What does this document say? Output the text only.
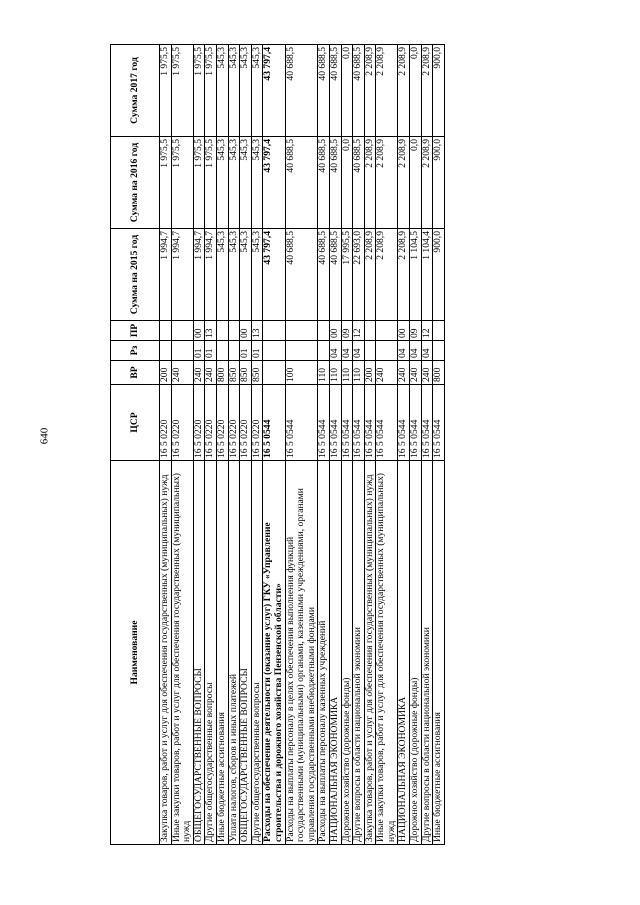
640
Наименование	ЦСР	ВР	Рз	ПР	Сумма на 2015 год	Сумма на 2016 год	Сумма 2017 год
Закупка товаров, работ и услуг для обеспечения государственных (муниципальных) нужд	16 5 0220	200			1 994,7	1 975,5	1 975,5
Иные закупки товаров, работ и услуг для обеспечения государственных (муниципальных) нужд	16 5 0220	240			1 994,7	1 975,5	1 975,5
ОБЩЕГОСУДАРСТВЕННЫЕ ВОПРОСЫ	16 5 0220	240	01	00	1 994,7	1 975,5	1 975,5
Другие общегосударственные вопросы	16 5 0220	240	01	13	1 994,7	1 975,5	1 975,5
Иные бюджетные ассигнования	16 5 0220	800			545,3	545,3	545,3
Уплата налогов, сборов и иных платежей	16 5 0220	850			545,3	545,3	545,3
ОБЩЕГОСУДАРСТВЕННЫЕ ВОПРОСЫ	16 5 0220	850	01	00	545,3	545,3	545,3
Другие общегосударственные вопросы	16 5 0220	850	01	13	545,3	545,3	545,3
Расходы на обеспечение деятельности (оказание услуг) ГКУ «Управление строительства и дорожного хозяйства Пензенской области»	16 5 0544				43 797,4	43 797,4	43 797,4
Расходы на выплаты персоналу в целях обеспечения выполнения функций государственными (муниципальными) органами, казенными учреждениями, органами управления государственными внебюджетными фондами	16 5 0544	100			40 688,5	40 688,5	40 688,5
Расходы на выплаты персоналу казенных учреждений	16 5 0544	110			40 688,5	40 688,5	40 688,5
НАЦИОНАЛЬНАЯ ЭКОНОМИКА	16 5 0544	110	04	00	40 688,5	40 688,5	40 688,5
Дорожное хозяйство (дорожные фонды)	16 5 0544	110	04	09	17 995,5	0,0	0,0
Другие вопросы в области национальной экономики	16 5 0544	110	04	12	22 693,0	40 688,5	40 688,5
Закупка товаров, работ и услуг для обеспечения государственных (муниципальных) нужд	16 5 0544	200			2 208,9	2 208,9	2 208,9
Иные закупки товаров, работ и услуг для обеспечения государственных (муниципальных) нужд	16 5 0544	240			2 208,9	2 208,9	2 208,9
НАЦИОНАЛЬНАЯ ЭКОНОМИКА	16 5 0544	240	04	00	2 208,9	2 208,9	2 208,9
Дорожное хозяйство (дорожные фонды)	16 5 0544	240	04	09	1 104,5	0,0	0,0
Другие вопросы в области национальной экономики	16 5 0544	240	04	12	1 104,4	2 208,9	2 208,9
Иные бюджетные ассигнования	16 5 0544	800			900,0	900,0	900,0
